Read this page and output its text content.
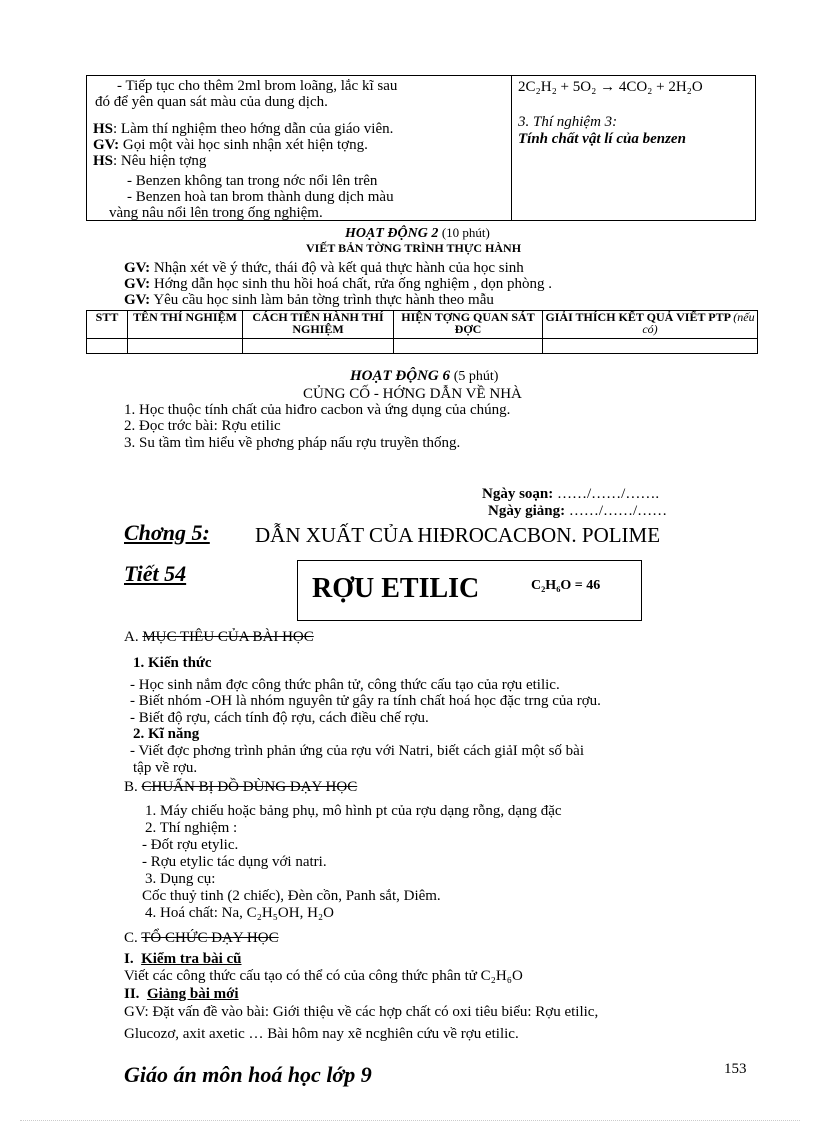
- Tiếp tục cho thêm 2ml brom loãng, lắc kĩ sau
đó để yên quan sát màu của dung dịch.
HS: Làm thí nghiệm theo hớng dẫn của giáo viên.
GV: Gọi một vài học sinh nhận xét hiện tợng.
HS: Nêu hiện tợng
- Benzen không tan trong nớc nổi lên trên
- Benzen hoà tan brom thành dung dịch màu
vàng nâu nổi lên trong ống nghiệm.

2C₂H₂ + 5O₂ → 4CO₂ + 2H₂O
3. Thí nghiệm 3:
Tính chất vật lí của benzen
HOẠT ĐỘNG 2 (10 phút)
VIẾT BẢN TỜNG TRÌNH THỰC HÀNH
GV: Nhận xét về ý thức, thái độ và kết quả thực hành của học sinh
GV: Hớng dẫn học sinh thu hồi hoá chất, rửa ống nghiệm , dọn phòng .
GV: Yêu cầu học sinh làm bản tờng trình thực hành theo mẫu
STT	TÊN THÍ NGHIỆM	CÁCH TIẾN HÀNH THÍ NGHIỆM	HIỆN TỢNG QUAN SÁT ĐỢC	GIẢI THÍCH KẾT QUẢ VIẾT PTP (nếu có)

HOẠT ĐỘNG 6 (5 phút)
CỦNG CỐ - HỚNG DẪN VỀ NHÀ
1. Học thuộc tính chất của hiđro cacbon và ứng dụng của chúng.
2. Đọc trớc bài: Rợu etilic
3. Su tầm tìm hiểu về phơng pháp nấu rợu truyền thống.
Ngày soạn: ……/……/…….
Ngày giảng: ……/……/……
Chơng 5: DẪN XUẤT CỦA HIĐROCACBON. POLIME
Tiết 54	RỢU ETILIC	C₂H₆O = 46
A. MỤC TIÊU CỦA BÀI HỌC
1. Kiến thức
- Học sinh nắm đợc công thức phân tử, công thức cấu tạo của rợu etilic.
- Biết nhóm -OH là nhóm nguyên tử gây ra tính chất hoá học đặc trng của rợu.
- Biết độ rợu, cách tính độ rợu, cách điều chế rợu.
2. Kĩ năng
- Viết đợc phơng trình phản ứng của rợu với Natri, biết cách giảI một số bài
tập về rợu.
B. CHUẨN BỊ ĐỒ DÙNG DẠY HỌC
1. Máy chiếu hoặc bảng phụ, mô hình pt của rợu dạng rỗng, dạng đặc
2. Thí nghiệm :
- Đốt rợu etylic.
- Rợu etylic tác dụng với natri.
3. Dụng cụ:
Cốc thuỷ tinh (2 chiếc), Đèn cồn, Panh sắt, Diêm.
4. Hoá chất: Na, C₂H₅OH, H₂O
C. TỔ CHỨC DẠY HỌC
I. Kiểm tra bài cũ
Viết các công thức cấu tạo có thể có của công thức phân tử C₂H₆O
II. Giảng bài mới
GV: Đặt vấn đề vào bài: Giới thiệu về các hợp chất có oxi tiêu biểu: Rợu etilic,
Glucozơ, axit axetic … Bài hôm nay xẽ ncghiên cứu về rợu etilic.
Giáo án môn hoá học lớp 9	153
